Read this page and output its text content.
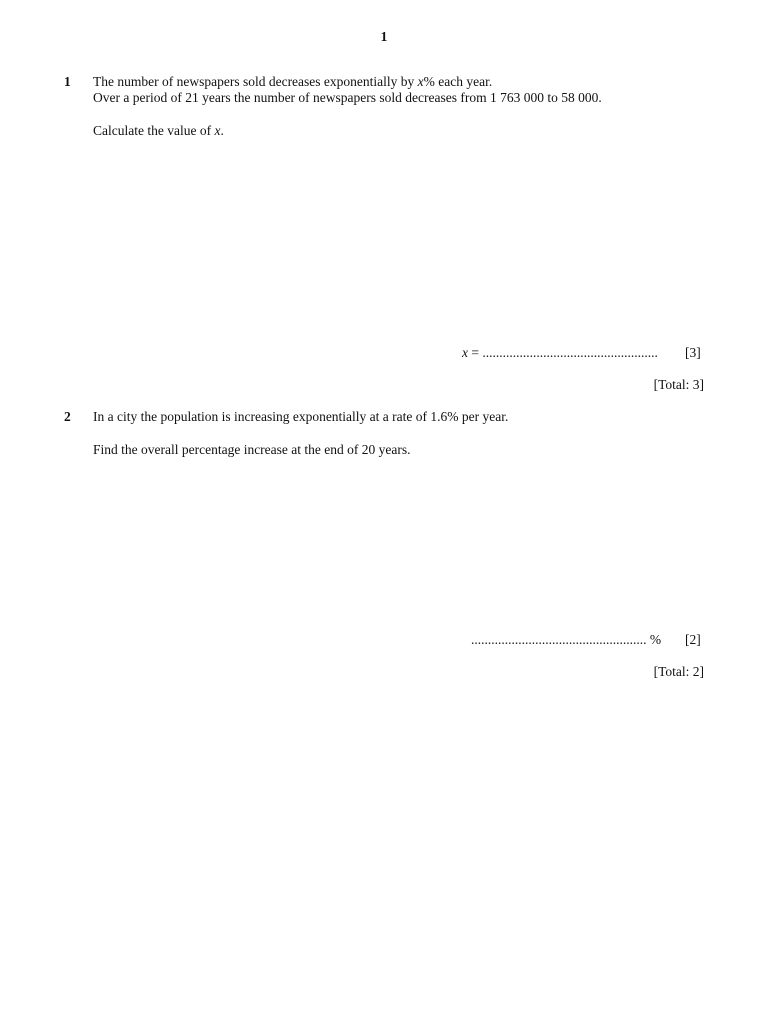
1
1 The number of newspapers sold decreases exponentially by x% each year.
Over a period of 21 years the number of newspapers sold decreases from 1 763 000 to 58 000.
Calculate the value of x.
x = .................................................... [3]
[Total: 3]
2 In a city the population is increasing exponentially at a rate of 1.6% per year.
Find the overall percentage increase at the end of 20 years.
.................................................... % [2]
[Total: 2]
